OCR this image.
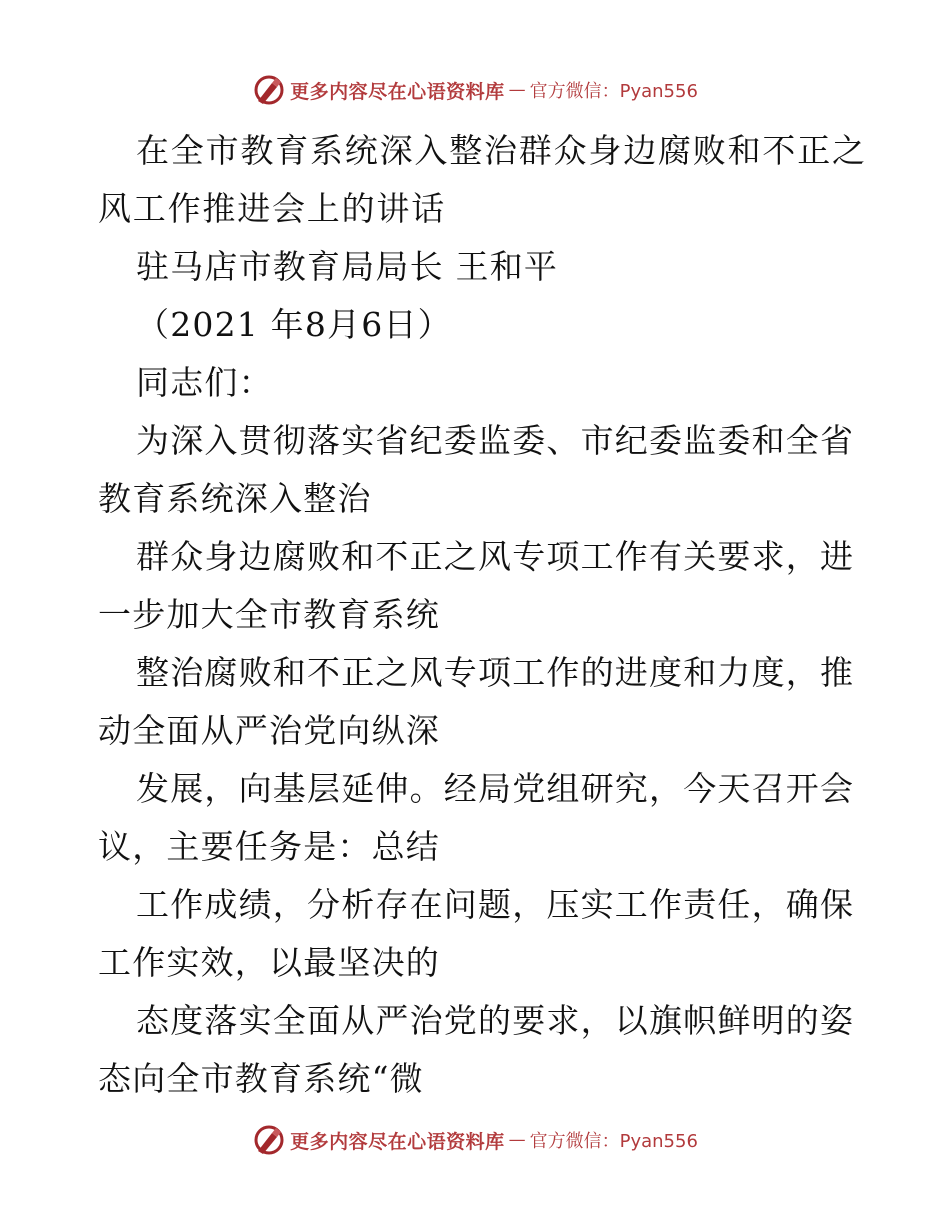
更多内容尽在心语资料库 — 官方微信：Pyan556
在全市教育系统深入整治群众身边腐败和不正之
风工作推进会上的讲话
驻马店市教育局局长 王和平
（2021 年8月6日）
同志们：
为深入贯彻落实省纪委监委、市纪委监委和全省
教育系统深入整治
群众身边腐败和不正之风专项工作有关要求，进
一步加大全市教育系统
整治腐败和不正之风专项工作的进度和力度，推
动全面从严治党向纵深
发展，向基层延伸。经局党组研究，今天召开会
议，主要任务是：总结
工作成绩，分析存在问题，压实工作责任，确保
工作实效，以最坚决的
态度落实全面从严治党的要求，以旗帜鲜明的姿
态向全市教育系统“微
更多内容尽在心语资料库 — 官方微信：Pyan556
